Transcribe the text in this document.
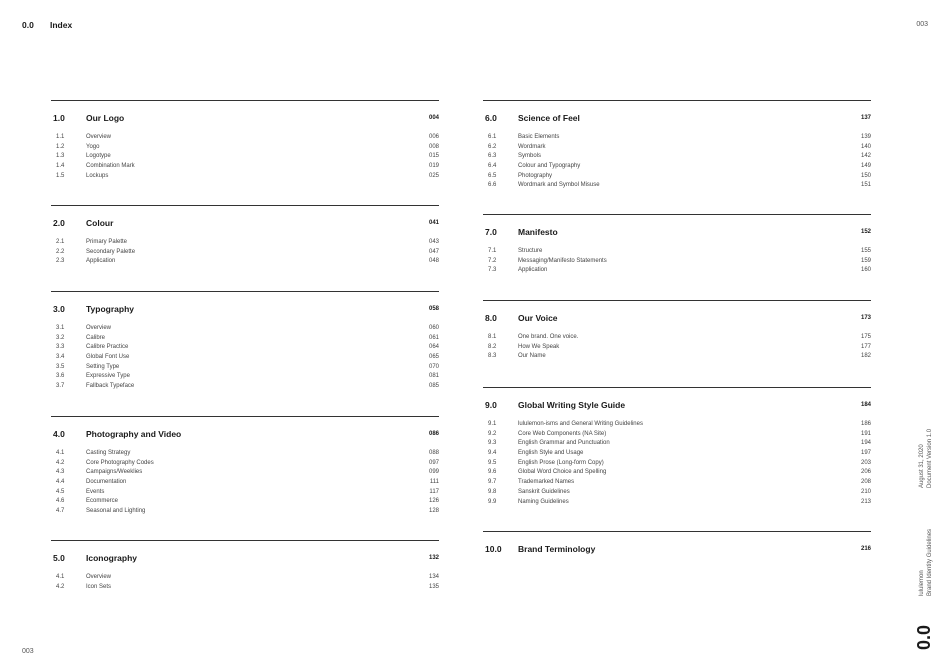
0.0 Index	003
003
1.0 Our Logo	004
1.1	Overview	006
1.2	Yogo	008
1.3	Logotype	015
1.4	Combination Mark	019
1.5	Lockups	025
2.0 Colour	041
2.1	Primary Palette	043
2.2	Secondary Palette	047
2.3	Application	048
3.0 Typography	058
3.1	Overview	060
3.2	Calibre	061
3.3	Calibre Practice	064
3.4	Global Font Use	065
3.5	Setting Type	070
3.6	Expressive Type	081
3.7	Fallback Typeface	085
4.0 Photography and Video	086
4.1	Casting Strategy	088
4.2	Core Photography Codes	097
4.3	Campaigns/Weeklies	099
4.4	Documentation	111
4.5	Events	117
4.6	Ecommerce	126
4.7	Seasonal and Lighting	128
5.0 Iconography	132
4.1	Overview	134
4.2	Icon Sets	135
6.0 Science of Feel	137
6.1	Basic Elements	139
6.2	Wordmark	140
6.3	Symbols	142
6.4	Colour and Typography	149
6.5	Photography	150
6.6	Wordmark and Symbol Misuse	151
7.0 Manifesto	152
7.1	Structure	155
7.2	Messaging/Manifesto Statements	159
7.3	Application	160
8.0 Our Voice	173
8.1	One brand. One voice.	175
8.2	How We Speak	177
8.3	Our Name	182
9.0 Global Writing Style Guide	184
9.1	lululemon-isms and General Writing Guidelines	186
9.2	Core Web Components (NA Site)	191
9.3	English Grammar and Punctuation	194
9.4	English Style and Usage	197
9.5	English Prose (Long-form Copy)	203
9.6	Global Word Choice and Spelling	206
9.7	Trademarked Names	208
9.8	Sanskrit Guidelines	210
9.9	Naming Guidelines	213
10.0 Brand Terminology	216
August 31, 2020 Document Version 1.0
lululemon Brand Identity Guidelines
0.0
